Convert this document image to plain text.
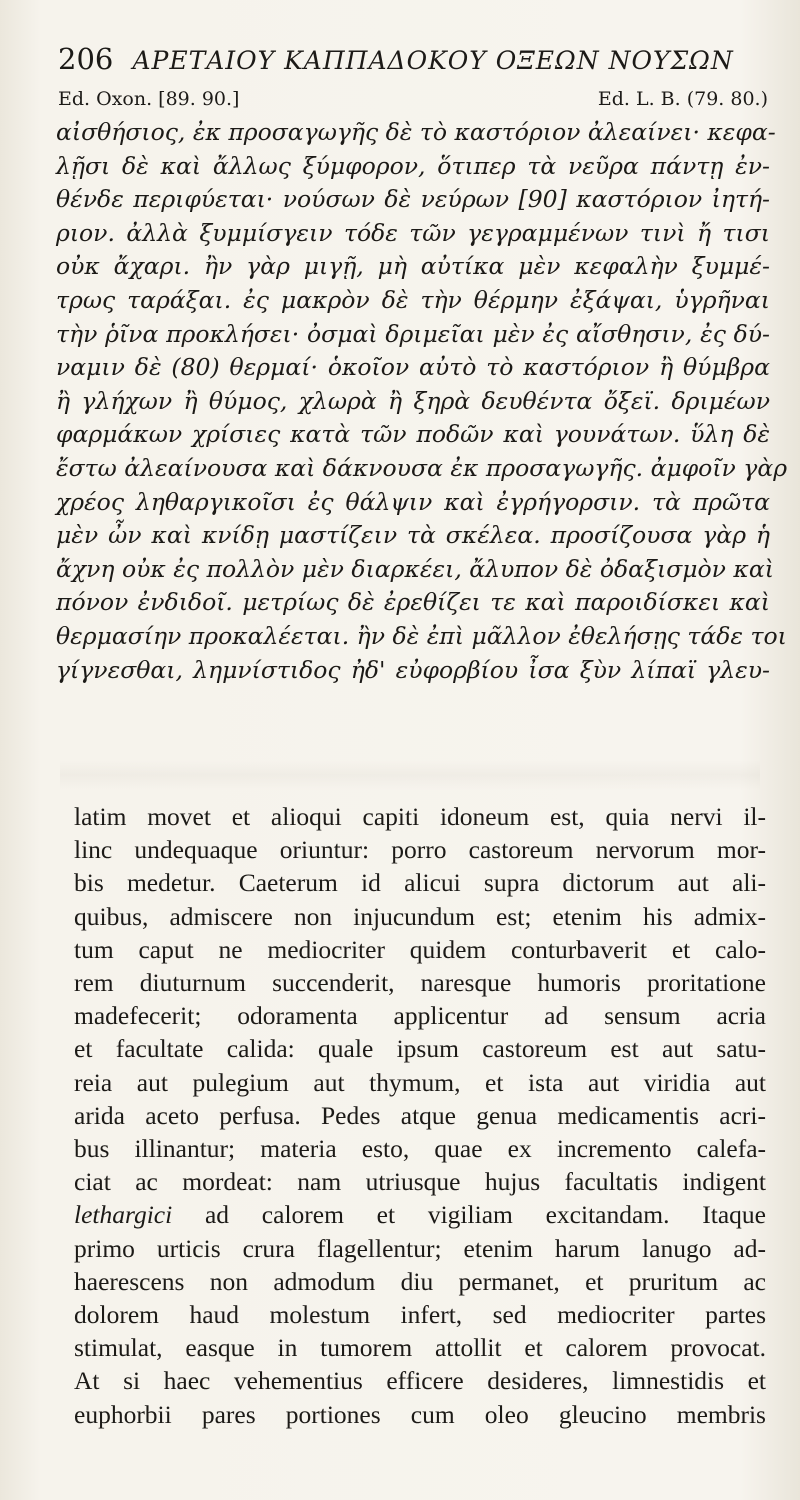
206 ΑΡΕΤΑΙΟΥ ΚΑΠΠΑΔΟΚΟΥ ΟΞΕΩΝ ΝΟΥΣΩΝ
Ed. Oxon. [89. 90.]	Ed. L. B. (79. 80.)
αἰσθήσιος, ἐκ προσαγωγῆς δὲ τὸ καστόριον ἀλεαίνει· κεφα-
λῇσι δὲ καὶ ἄλλως ξύμφορον, ὅτιπερ τὰ νεῦρα πάντῃ ἐν-
θένδε περιφύεται· νούσων δὲ νεύρων [90] καστόριον ἰητή-
ριον. ἀλλὰ ξυμμίσγειν τόδε τῶν γεγραμμένων τινὶ ἤ τισι
οὐκ ἄχαρι. ἢν γὰρ μιγῇ, μὴ αὐτίκα μὲν κεφαλὴν ξυμμέ-
τρως ταράξαι. ἐς μακρὸν δὲ τὴν θέρμην ἐξάψαι, ὑγρῆναι
τὴν ῥῖνα προκλήσει· ὀσμαὶ δριμεῖαι μὲν ἐς αἴσθησιν, ἐς δύ-
ναμιν δὲ (80) θερμαί· ὁκοῖον αὐτὸ τὸ καστόριον ἢ θύμβρα
ἢ γλήχων ἢ θύμος, χλωρὰ ἢ ξηρὰ δευθέντα ὄξεϊ. δριμέων
φαρμάκων χρίσιες κατὰ τῶν ποδῶν καὶ γουνάτων. ὕλη δὲ
ἔστω ἀλεαίνουσα καὶ δάκνουσα ἐκ προσαγωγῆς. ἀμφοῖν γὰρ
χρέος ληθαργικοῖσι ἐς θάλψιν καὶ ἐγρήγορσιν. τὰ πρῶτα
μὲν ὦν καὶ κνίδῃ μαστίζειν τὰ σκέλεα. προσίζουσα γὰρ ἡ
ἄχνη οὐκ ἐς πολλὸν μὲν διαρκέει, ἄλυπον δὲ ὀδαξισμὸν καὶ
πόνον ἐνδιδοῖ. μετρίως δὲ ἐρεθίζει τε καὶ παροιδίσκει καὶ
θερμασίην προκαλέεται. ἢν δὲ ἐπὶ μᾶλλον ἐθελήσῃς τάδε τοι
γίγνεσθαι, λημνίστιδος ἠδ' εὐφορβίου ἶσα ξὺν λίπαϊ γλευ-
latim movet et alioqui capiti idoneum est, quia nervi il-
linc undequaque oriuntur: porro castoreum nervorum mor-
bis medetur. Caeterum id alicui supra dictorum aut ali-
quibus, admiscere non injucundum est; etenim his admix-
tum caput ne mediocriter quidem conturbaverit et calo-
rem diuturnum succenderit, naresque humoris proritatione
madefecerit; odoramenta applicentur ad sensum acria
et facultate calida: quale ipsum castoreum est aut satu-
reia aut pulegium aut thymum, et ista aut viridia aut
arida aceto perfusa. Pedes atque genua medicamentis acri-
bus illinantur; materia esto, quae ex incremento calefa-
ciat ac mordeat: nam utriusque hujus facultatis indigent
lethargici ad calorem et vigiliam excitandam. Itaque
primo urticis crura flagellentur; etenim harum lanugo ad-
haerescens non admodum diu permanet, et pruritum ac
dolorem haud molestum infert, sed mediocriter partes
stimulat, easque in tumorem attollit et calorem provocat.
At si haec vehementius efficere desideres, limnestidis et
euphorbii pares portiones cum oleo gleucino membris
